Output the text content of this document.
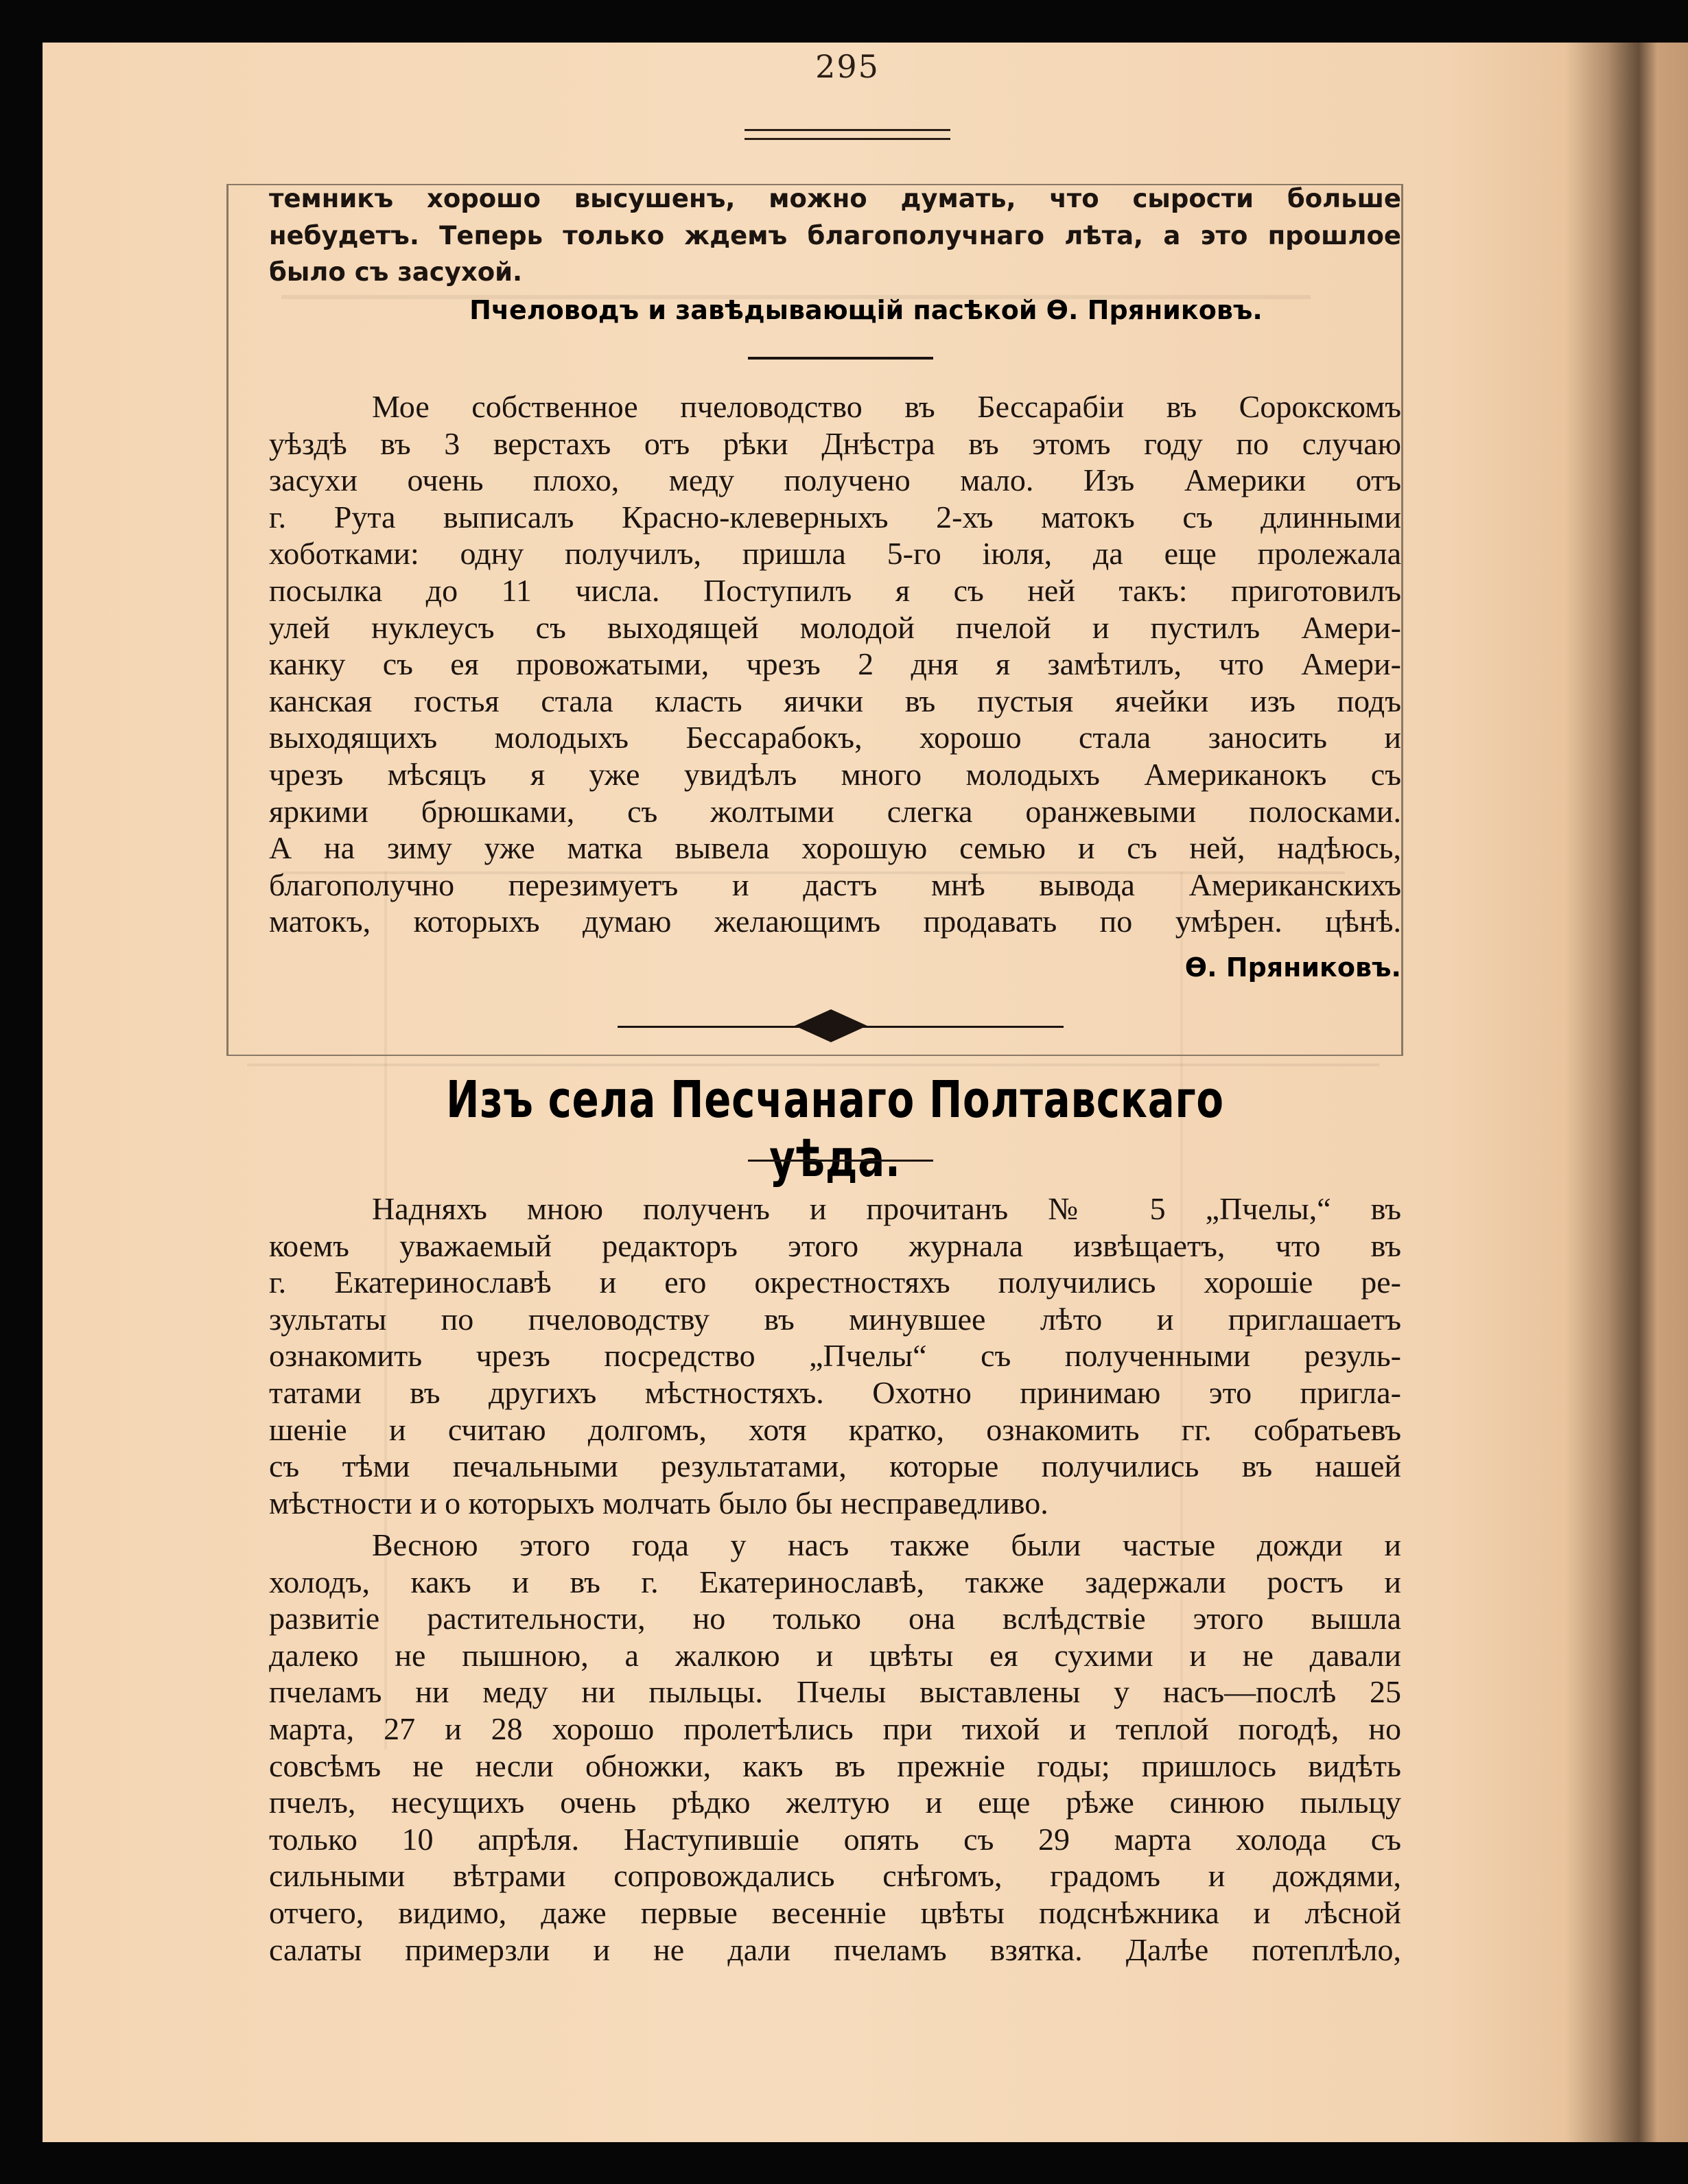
295

темникъ хорошо высушенъ, можно думать, что сырости больше

небудетъ. Теперь только ждемъ благополучнаго лѣта, а это прошлое

было съ засухой.

Пчеловодъ и завѣдывающій пасѣкой Ѳ. Пряниковъ.

Мое собственное пчеловодство въ Бессарабіи въ Сорокскомъ

уѣздѣ въ 3 верстахъ отъ рѣки Днѣстра въ этомъ году по случаю

засухи очень плохо, меду получено мало. Изъ Америки отъ

г. Рута выписалъ Красно-клеверныхъ 2-хъ матокъ съ длинными

хоботками: одну получилъ, пришла 5-го іюля, да еще пролежала

посылка до 11 числа. Поступилъ я съ ней такъ: приготовилъ

улей нуклеусъ съ выходящей молодой пчелой и пустилъ Амери-

канку съ ея провожатыми, чрезъ 2 дня я замѣтилъ, что Амери-

канская гостья стала класть яички въ пустыя ячейки изъ подъ

выходящихъ молодыхъ Бессарабокъ, хорошо стала заносить и

чрезъ мѣсяцъ я уже увидѣлъ много молодыхъ Американокъ съ

яркими брюшками, съ жолтыми слегка оранжевыми полосками.

А на зиму уже матка вывела хорошую семью и съ ней, надѣюсь,

благополучно перезимуетъ и дастъ мнѣ вывода Американскихъ

матокъ, которыхъ думаю желающимъ продавать по умѣрен. цѣнѣ.

Ѳ. Пряниковъ.
Изъ села Песчанаго Полтавскаго уѣда.

Надняхъ мною полученъ и прочитанъ № 5 „Пчелы,“ въ

коемъ уважаемый редакторъ этого журнала извѣщаетъ, что въ

г. Екатеринославѣ и его окрестностяхъ получились хорошіе ре-

зультаты по пчеловодству въ минувшее лѣто и приглашаетъ

ознакомить чрезъ посредство „Пчелы“ съ полученными резуль-

татами въ другихъ мѣстностяхъ. Охотно принимаю это пригла-

шеніе и считаю долгомъ, хотя кратко, ознакомить гг. собратьевъ

съ тѣми печальными результатами, которые получились въ нашей

мѣстности и о которыхъ молчать было бы несправедливо.

Весною этого года у насъ также были частые дожди и

холодъ, какъ и въ г. Екатеринославѣ, также задержали ростъ и

развитіе растительности, но только она вслѣдствіе этого вышла

далеко не пышною, а жалкою и цвѣты ея сухими и не давали

пчеламъ ни меду ни пыльцы. Пчелы выставлены у насъ—послѣ 25

марта, 27 и 28 хорошо пролетѣлись при тихой и теплой погодѣ, но

совсѣмъ не несли обножки, какъ въ прежніе годы; пришлось видѣть

пчелъ, несущихъ очень рѣдко желтую и еще рѣже синюю пыльцу

только 10 апрѣля. Наступившіе опять съ 29 марта холода съ

сильными вѣтрами сопровождались снѣгомъ, градомъ и дождями,

отчего, видимо, даже первые весенніе цвѣты подснѣжника и лѣсной

салаты примерзли и не дали пчеламъ взятка. Далѣе потеплѣло,
